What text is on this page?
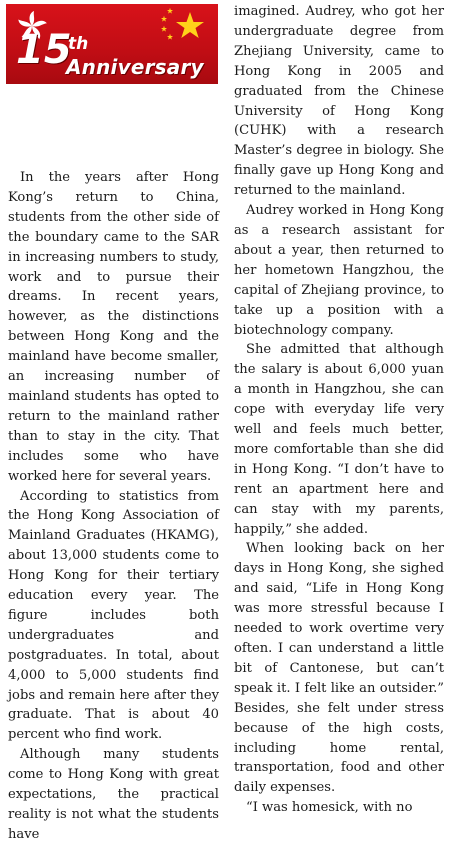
15
th
Anniversary

In the years after Hong Kong’s return to China, students from the other side of the boundary came to the SAR in increasing numbers to study, work and to pursue their dreams. In recent years, however, as the distinctions between Hong Kong and the mainland have become smaller, an increasing number of mainland students has opted to return to the mainland rather than to stay in the city. That includes some who have worked here for several years.

According to statistics from the Hong Kong Association of Mainland Graduates (HKAMG), about 13,000 students come to Hong Kong for their tertiary education every year. The figure includes both undergraduates and postgraduates. In total, about 4,000 to 5,000 students find jobs and remain here after they graduate. That is about 40 percent who find work.

Although many students come to Hong Kong with great expectations, the practical reality is not what the students have

imagined. Audrey, who got her undergraduate degree from Zhejiang University, came to Hong Kong in 2005 and graduated from the Chinese University of Hong Kong (CUHK) with a research Master’s degree in biology. She finally gave up Hong Kong and returned to the mainland.

Audrey worked in Hong Kong as a research assistant for about a year, then returned to her hometown Hangzhou, the capital of Zhejiang province, to take up a position with a biotechnology company.

She admitted that although the salary is about 6,000 yuan a month in Hangzhou, she can cope with everyday life very well and feels much better, more comfortable than she did in Hong Kong. “I don’t have to rent an apartment here and can stay with my parents, happily,” she added.

When looking back on her days in Hong Kong, she sighed and said, “Life in Hong Kong was more stressful because I needed to work overtime very often. I can understand a little bit of Cantonese, but can’t speak it. I felt like an outsider.” Besides, she felt under stress because of the high costs, including home rental, transportation, food and other daily expenses.

“I was homesick, with no
